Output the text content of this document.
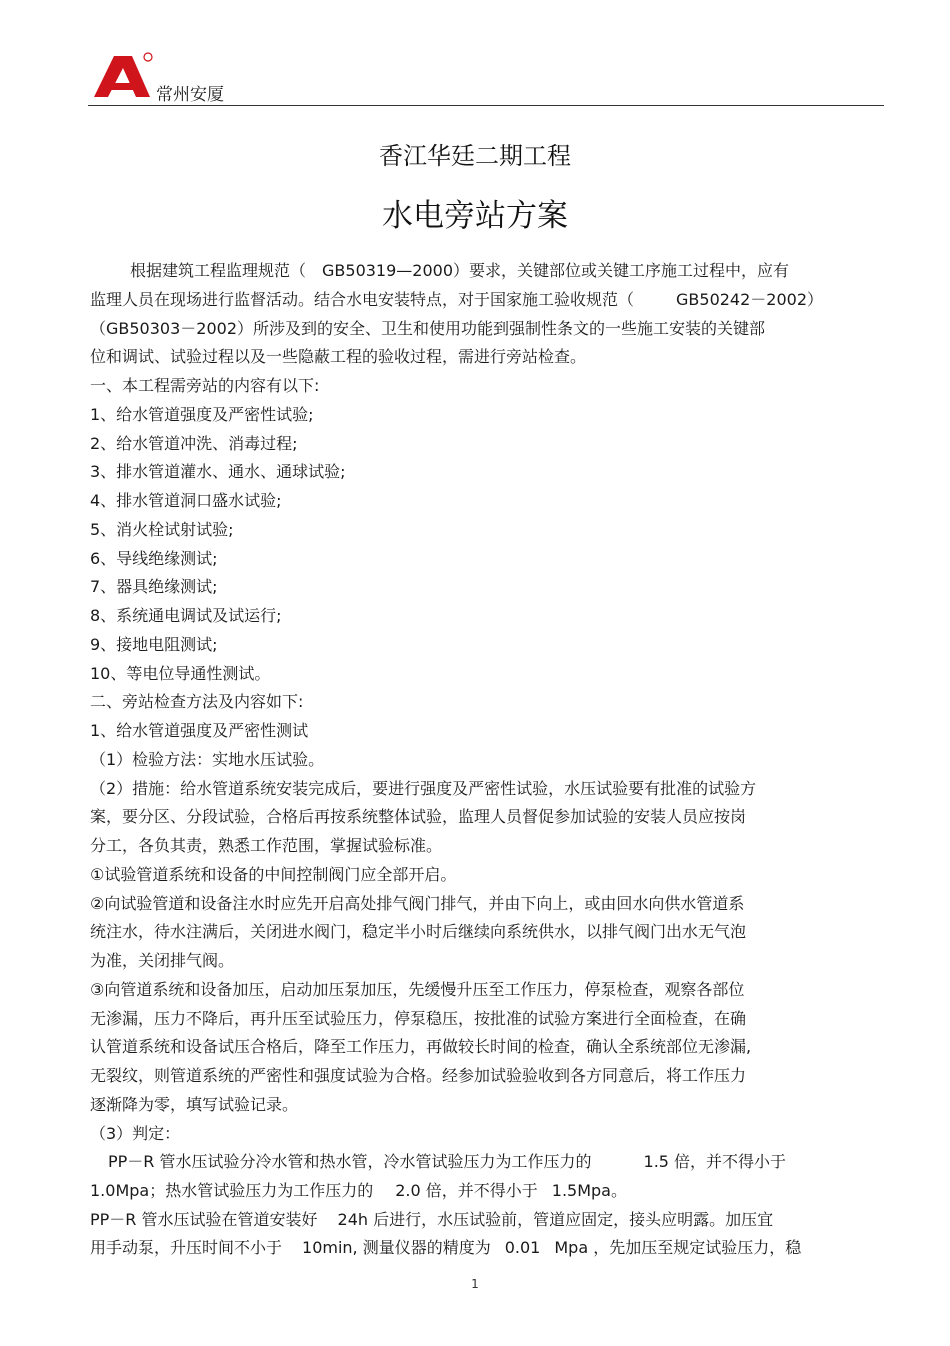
常州安厦
香江华廷二期工程
水电旁站方案
根据建筑工程监理规范（ GB50319—2000）要求，关键部位或关键工序施工过程中，应有
监理人员在现场进行监督活动。结合水电安装特点，对于国家施工验收规范（	GB50242－2002）
（GB50303－2002）所涉及到的安全、卫生和使用功能到强制性条文的一些施工安装的关键部
位和调试、试验过程以及一些隐蔽工程的验收过程，需进行旁站检查。
一、本工程需旁站的内容有以下:
1、给水管道强度及严密性试验;
2、给水管道冲洗、消毒过程;
3、排水管道灌水、通水、通球试验;
4、排水管道洞口盛水试验;
5、消火栓试射试验;
6、导线绝缘测试;
7、器具绝缘测试;
8、系统通电调试及试运行;
9、接地电阻测试;
10、等电位导通性测试。
二、旁站检查方法及内容如下:
1、给水管道强度及严密性测试
（1）检验方法：实地水压试验。
（2）措施：给水管道系统安装完成后，要进行强度及严密性试验，水压试验要有批准的试验方
案，要分区、分段试验，合格后再按系统整体试验，监理人员督促参加试验的安装人员应按岗
分工，各负其责，熟悉工作范围，掌握试验标准。
①试验管道系统和设备的中间控制阀门应全部开启。
②向试验管道和设备注水时应先开启高处排气阀门排气，并由下向上，或由回水向供水管道系
统注水，待水注满后，关闭进水阀门，稳定半小时后继续向系统供水，以排气阀门出水无气泡
为准，关闭排气阀。
③向管道系统和设备加压，启动加压泵加压，先缓慢升压至工作压力，停泵检查，观察各部位
无渗漏，压力不降后，再升压至试验压力，停泵稳压，按批准的试验方案进行全面检查，在确
认管道系统和设备试压合格后，降至工作压力，再做较长时间的检查，确认全系统部位无渗漏,
无裂纹，则管道系统的严密性和强度试验为合格。经参加试验验收到各方同意后，将工作压力
逐渐降为零，填写试验记录。
（3）判定：
PP－R 管水压试验分冷水管和热水管，冷水管试验压力为工作压力的	1.5 倍，并不得小于
1.0Mpa；热水管试验压力为工作压力的 2.0 倍，并不得小于 1.5Mpa。
PP－R 管水压试验在管道安装好 24h 后进行，水压试验前，管道应固定，接头应明露。加压宜
用手动泵，升压时间不小于 10min, 测量仪器的精度为 0.01 Mpa ，先加压至规定试验压力，稳
1
